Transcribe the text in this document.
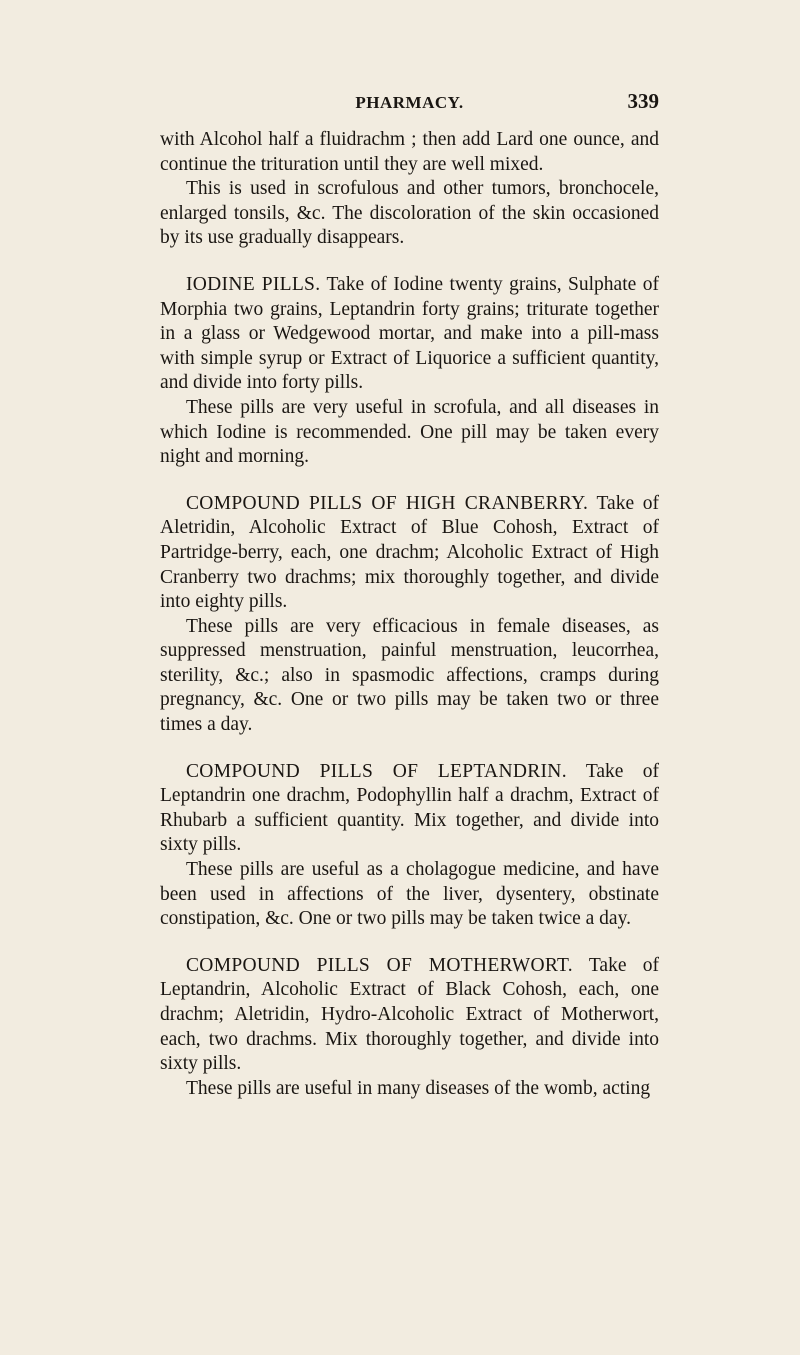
PHARMACY.	339

with Alcohol half a fluidrachm ; then add Lard one ounce, and continue the trituration until they are well mixed.

This is used in scrofulous and other tumors, bronchocele, enlarged tonsils, &c. The discoloration of the skin occasioned by its use gradually disappears.

IODINE PILLS. Take of Iodine twenty grains, Sulphate of Morphia two grains, Leptandrin forty grains; triturate together in a glass or Wedgewood mortar, and make into a pill-mass with simple syrup or Extract of Liquorice a sufficient quantity, and divide into forty pills.

These pills are very useful in scrofula, and all diseases in which Iodine is recommended. One pill may be taken every night and morning.

COMPOUND PILLS OF HIGH CRANBERRY. Take of Aletridin, Alcoholic Extract of Blue Cohosh, Extract of Partridge-berry, each, one drachm; Alcoholic Extract of High Cranberry two drachms; mix thoroughly together, and divide into eighty pills.

These pills are very efficacious in female diseases, as suppressed menstruation, painful menstruation, leucorrhea, sterility, &c.; also in spasmodic affections, cramps during pregnancy, &c. One or two pills may be taken two or three times a day.

COMPOUND PILLS OF LEPTANDRIN. Take of Leptandrin one drachm, Podophyllin half a drachm, Extract of Rhubarb a sufficient quantity. Mix together, and divide into sixty pills.

These pills are useful as a cholagogue medicine, and have been used in affections of the liver, dysentery, obstinate constipation, &c. One or two pills may be taken twice a day.

COMPOUND PILLS OF MOTHERWORT. Take of Leptandrin, Alcoholic Extract of Black Cohosh, each, one drachm; Aletridin, Hydro-Alcoholic Extract of Motherwort, each, two drachms. Mix thoroughly together, and divide into sixty pills.

These pills are useful in many diseases of the womb, acting
